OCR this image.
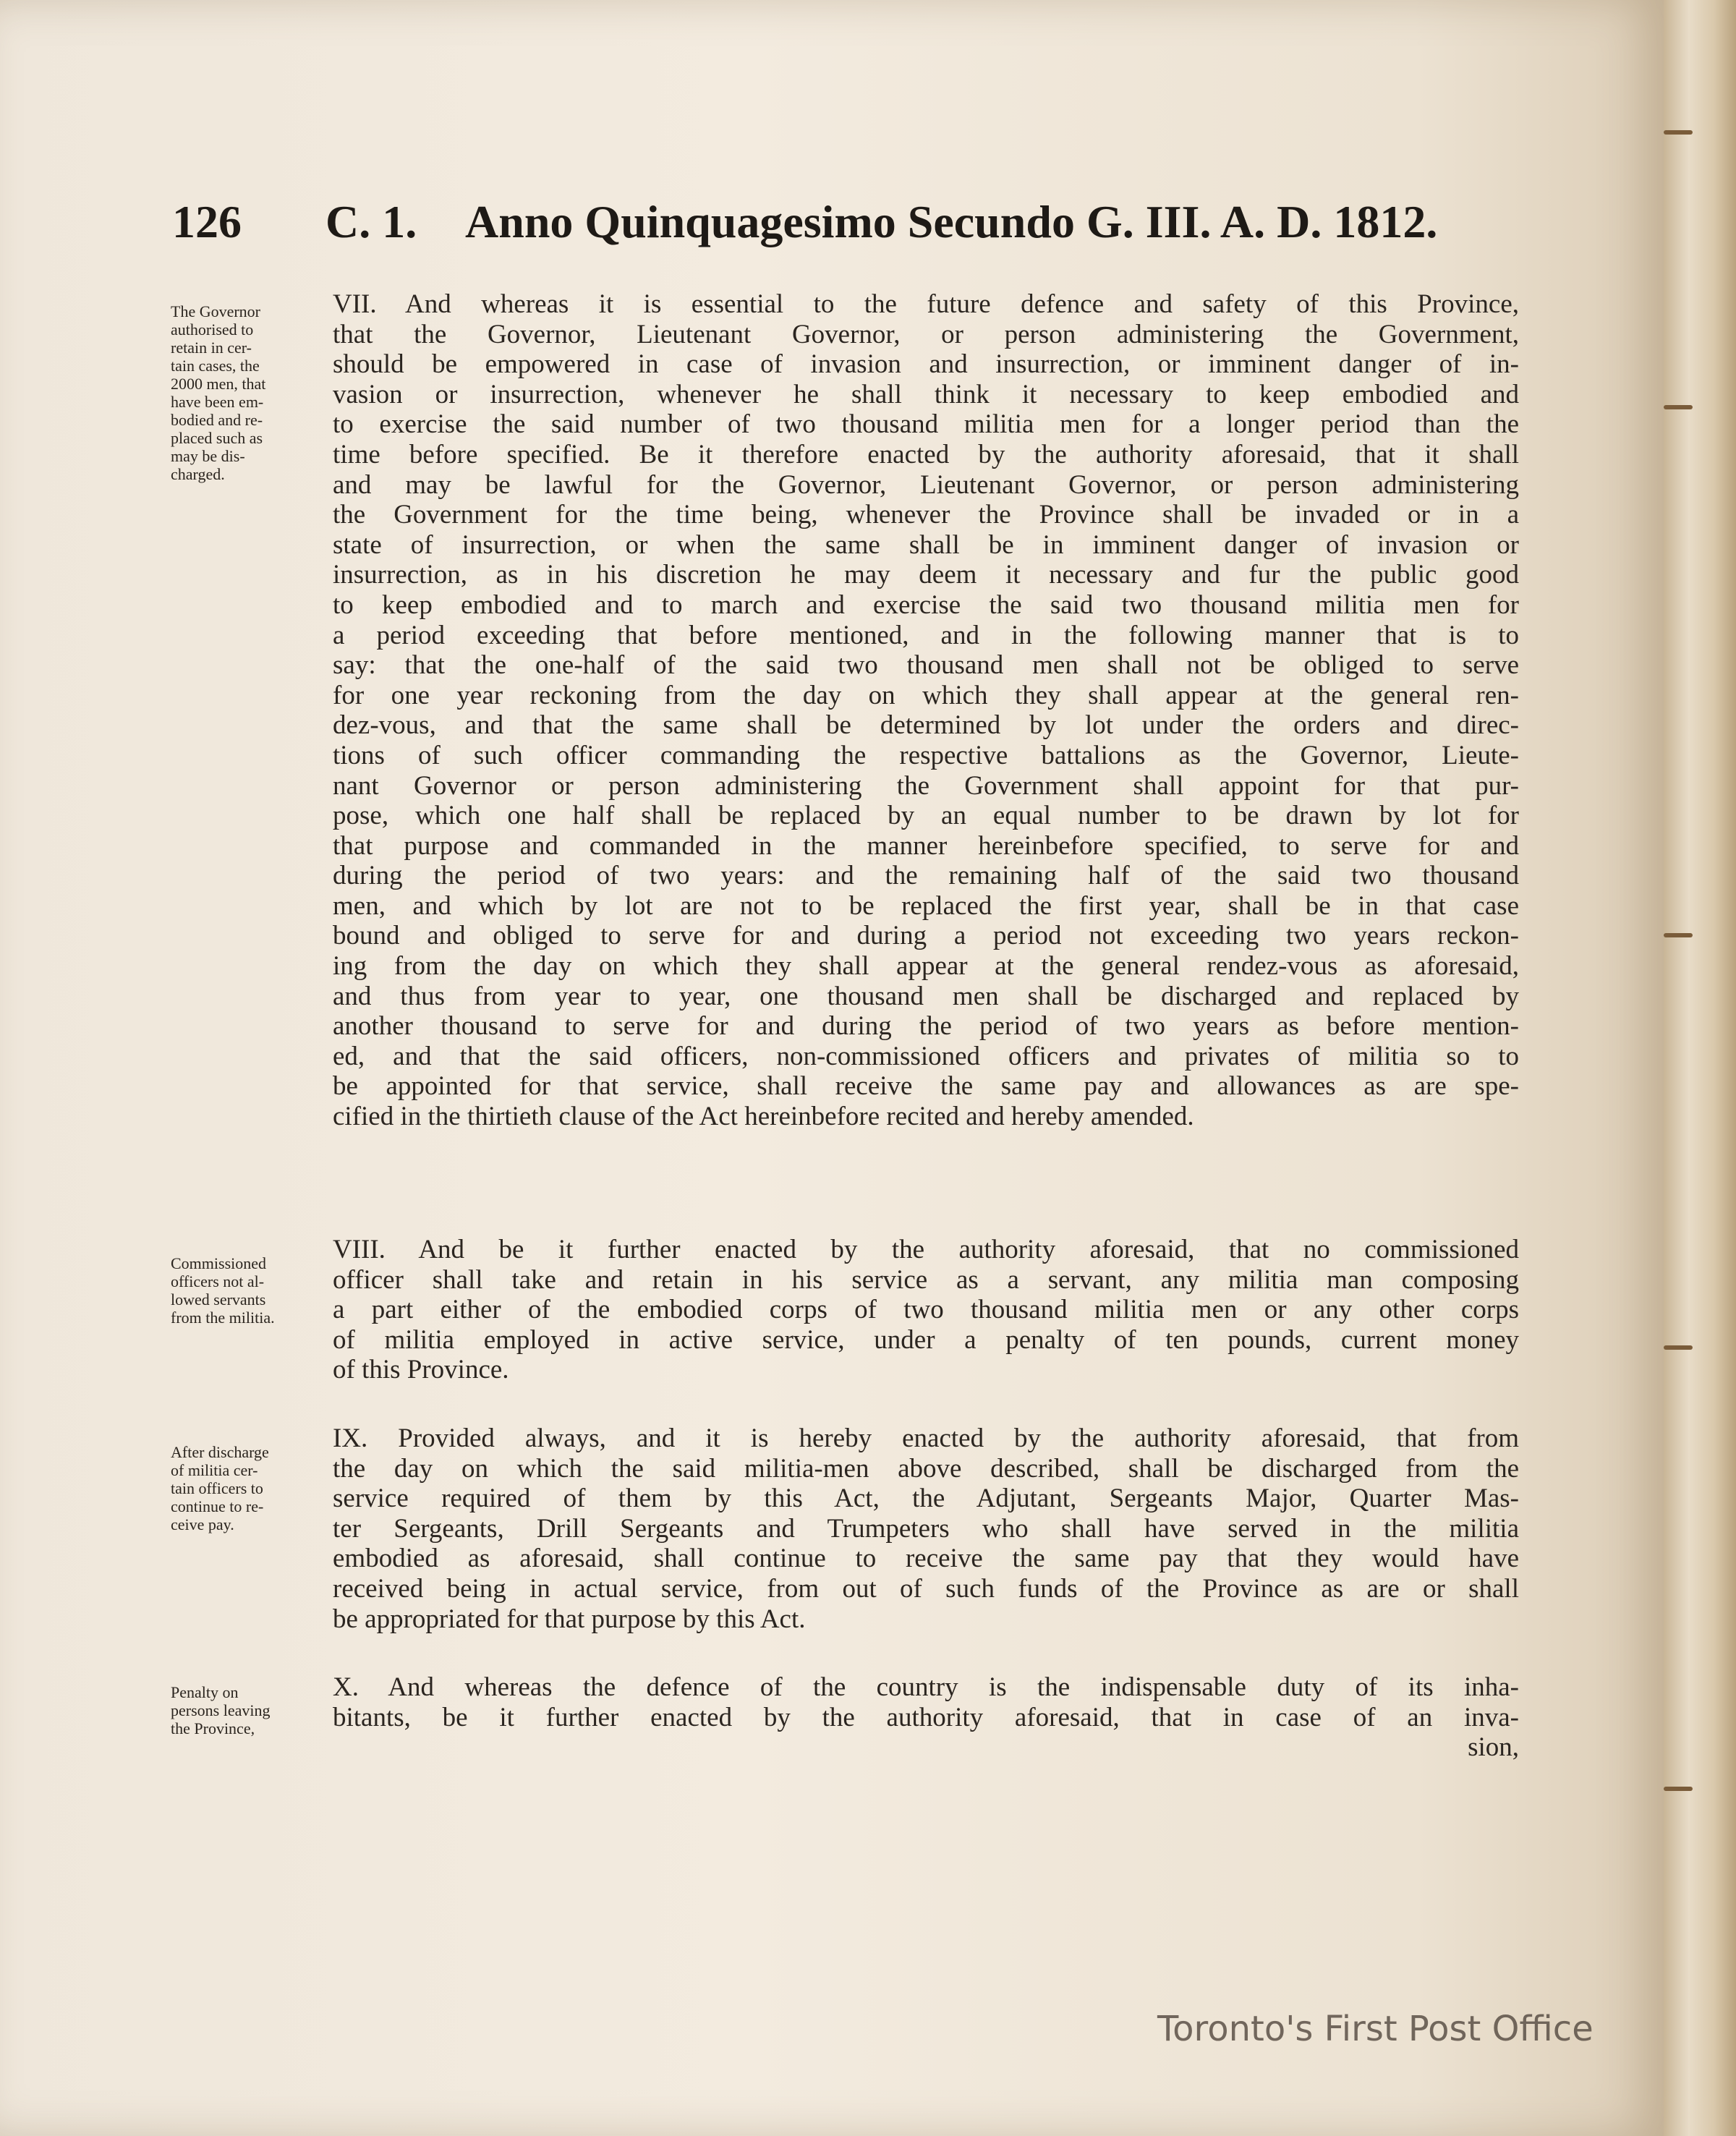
126 C. 1. Anno Quinquagesimo Secundo G. III. A. D. 1812.
The Governor
authorised to
retain in cer-
tain cases, the
2000 men, that
have been em-
bodied and re-
placed such as
may be dis-
charged.
VII. And whereas it is essential to the future defence and safety of this Province,
that the Governor, Lieutenant Governor, or person administering the Government,
should be empowered in case of invasion and insurrection, or imminent danger of in-
vasion or insurrection, whenever he shall think it necessary to keep embodied and
to exercise the said number of two thousand militia men for a longer period than the
time before specified. Be it therefore enacted by the authority aforesaid, that it shall
and may be lawful for the Governor, Lieutenant Governor, or person administering
the Government for the time being, whenever the Province shall be invaded or in a
state of insurrection, or when the same shall be in imminent danger of invasion or
insurrection, as in his discretion he may deem it necessary and fur the public good
to keep embodied and to march and exercise the said two thousand militia men for
a period exceeding that before mentioned, and in the following manner that is to
say: that the one-half of the said two thousand men shall not be obliged to serve
for one year reckoning from the day on which they shall appear at the general ren-
dez-vous, and that the same shall be determined by lot under the orders and direc-
tions of such officer commanding the respective battalions as the Governor, Lieute-
nant Governor or person administering the Government shall appoint for that pur-
pose, which one half shall be replaced by an equal number to be drawn by lot for
that purpose and commanded in the manner hereinbefore specified, to serve for and
during the period of two years: and the remaining half of the said two thousand
men, and which by lot are not to be replaced the first year, shall be in that case
bound and obliged to serve for and during a period not exceeding two years reckon-
ing from the day on which they shall appear at the general rendez-vous as aforesaid,
and thus from year to year, one thousand men shall be discharged and replaced by
another thousand to serve for and during the period of two years as before mention-
ed, and that the said officers, non-commissioned officers and privates of militia so to
be appointed for that service, shall receive the same pay and allowances as are spe-
cified in the thirtieth clause of the Act hereinbefore recited and hereby amended.
Commissioned
officers not al-
lowed servants
from the militia.
VIII. And be it further enacted by the authority aforesaid, that no commissioned
officer shall take and retain in his service as a servant, any militia man composing
a part either of the embodied corps of two thousand militia men or any other corps
of militia employed in active service, under a penalty of ten pounds, current money
of this Province.
After discharge
of militia cer-
tain officers to
continue to re-
ceive pay.
IX. Provided always, and it is hereby enacted by the authority aforesaid, that from
the day on which the said militia-men above described, shall be discharged from the
service required of them by this Act, the Adjutant, Sergeants Major, Quarter Mas-
ter Sergeants, Drill Sergeants and Trumpeters who shall have served in the militia
embodied as aforesaid, shall continue to receive the same pay that they would have
received being in actual service, from out of such funds of the Province as are or shall
be appropriated for that purpose by this Act.
Penalty on
persons leaving
the Province,
X. And whereas the defence of the country is the indispensable duty of its inha-
bitants, be it further enacted by the authority aforesaid, that in case of an inva-
sion,
Toronto's First Post Office
